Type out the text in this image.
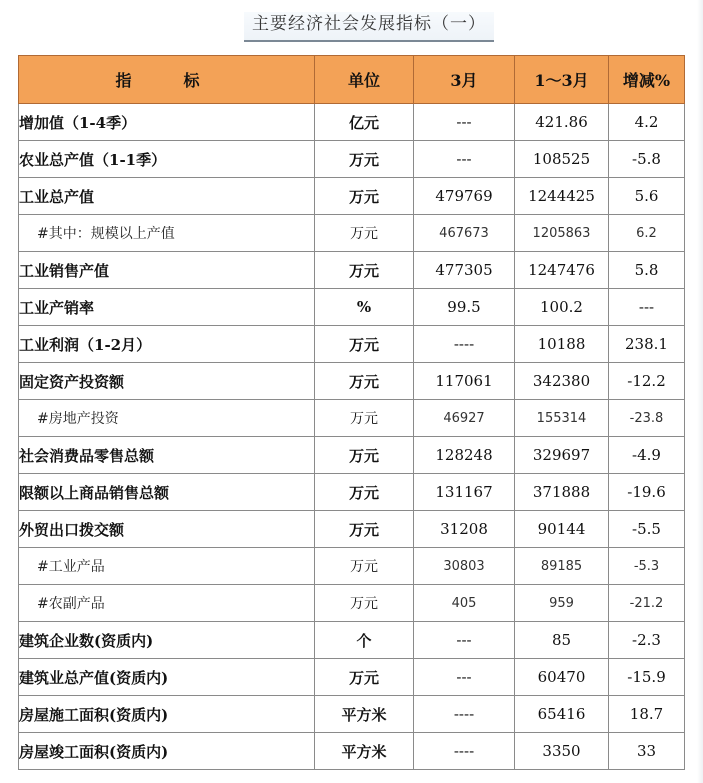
主要经济社会发展指标（一）
指　标	单位	3月	1～3月	增减%
增加值（1-4季）	亿元	---	421.86	4.2
农业总产值（1-1季）	万元	---	108525	-5.8
工业总产值	万元	479769	1244425	5.6
#其中：规模以上产值	万元	467673	1205863	6.2
工业销售产值	万元	477305	1247476	5.8
工业产销率	%	99.5	100.2	---
工业利润（1-2月）	万元	----	10188	238.1
固定资产投资额	万元	117061	342380	-12.2
#房地产投资	万元	46927	155314	-23.8
社会消费品零售总额	万元	128248	329697	-4.9
限额以上商品销售总额	万元	131167	371888	-19.6
外贸出口拨交额	万元	31208	90144	-5.5
#工业产品	万元	30803	89185	-5.3
#农副产品	万元	405	959	-21.2
建筑企业数(资质内)	个	---	85	-2.3
建筑业总产值(资质内)	万元	---	60470	-15.9
房屋施工面积(资质内)	平方米	----	65416	18.7
房屋竣工面积(资质内)	平方米	----	3350	33
